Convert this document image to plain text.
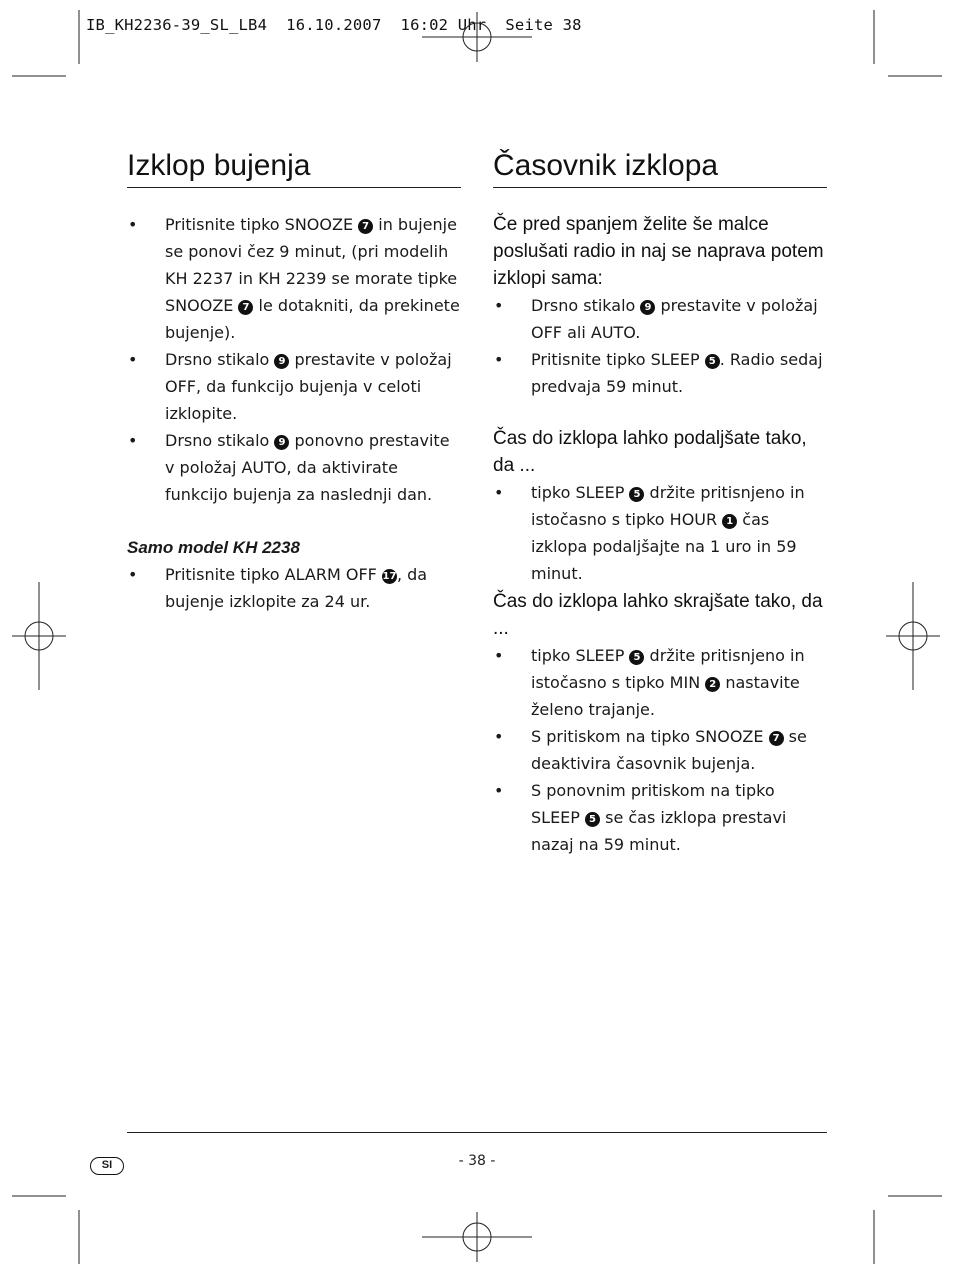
IB_KH2236-39_SL_LB4  16.10.2007  16:02 Uhr  Seite 38
Izklop bujenja
• Pritisnite tipko SNOOZE 7 in bujenje se ponovi čez 9 minut, (pri modelih KH 2237 in KH 2239 se morate tipke SNOOZE 7 le dotakniti, da prekinete bujenje).
• Drsno stikalo 9 prestavite v položaj OFF, da funkcijo bujenja v celoti izklopite.
• Drsno stikalo 9 ponovno prestavite v položaj AUTO, da aktivirate funkcijo bujenja za naslednji dan.
Samo model KH 2238
• Pritisnite tipko ALARM OFF 17, da bujenje izklopite za 24 ur.
Časovnik izklopa
Če pred spanjem želite še malce poslušati radio in naj se naprava potem izklopi sama:
• Drsno stikalo 9 prestavite v položaj OFF ali AUTO.
• Pritisnite tipko SLEEP 5 . Radio sedaj predvaja 59 minut.
Čas do izklopa lahko podaljšate tako, da ...
• tipko SLEEP 5 držite pritisnjeno in istočasno s tipko HOUR 1 čas izklopa podaljšajte na 1 uro in 59 minut.
Čas do izklopa lahko skrajšate tako, da ...
• tipko SLEEP 5 držite pritisnjeno in istočasno s tipko MIN 2 nastavite želeno trajanje.
• S pritiskom na tipko SNOOZE 7 se deaktivira časovnik bujenja.
• S ponovnim pritiskom na tipko SLEEP 5 se čas izklopa prestavi nazaj na 59 minut.
SI	- 38 -
